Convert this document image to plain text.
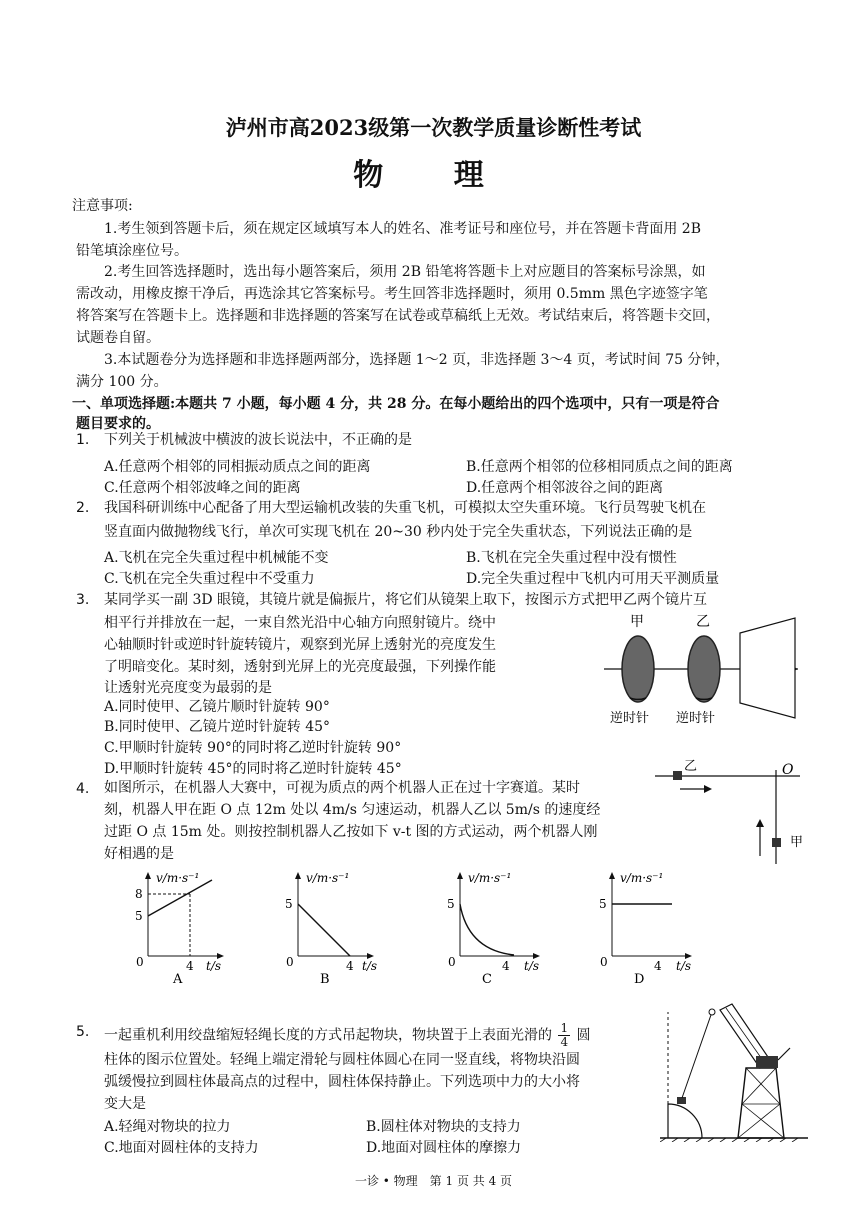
泸州市高2023级第一次教学质量诊断性考试
物 理
注意事项:
1.考生领到答题卡后，须在规定区域填写本人的姓名、准考证号和座位号，并在答题卡背面用 2B
铅笔填涂座位号。
2.考生回答选择题时，选出每小题答案后，须用 2B 铅笔将答题卡上对应题目的答案标号涂黑，如
需改动，用橡皮擦干净后，再选涂其它答案标号。考生回答非选择题时，须用 0.5mm 黑色字迹签字笔
将答案写在答题卡上。选择题和非选择题的答案写在试卷或草稿纸上无效。考试结束后，将答题卡交回，
试题卷自留。
3.本试题卷分为选择题和非选择题两部分，选择题 1～2 页，非选择题 3～4 页，考试时间 75 分钟，
满分 100 分。
一、单项选择题:本题共 7 小题，每小题 4 分，共 28 分。在每小题给出的四个选项中，只有一项是符合
题目要求的。
1. 下列关于机械波中横波的波长说法中，不正确的是
A.任意两个相邻的同相振动质点之间的距离	B.任意两个相邻的位移相同质点之间的距离
C.任意两个相邻波峰之间的距离	D.任意两个相邻波谷之间的距离
2. 我国科研训练中心配备了用大型运输机改装的失重飞机，可模拟太空失重环境。飞行员驾驶飞机在
竖直面内做抛物线飞行，单次可实现飞机在 20~30 秒内处于完全失重状态，下列说法正确的是
A.飞机在完全失重过程中机械能不变	B.飞机在完全失重过程中没有惯性
C.飞机在完全失重过程中不受重力	D.完全失重过程中飞机内可用天平测质量
3. 某同学买一副 3D 眼镜，其镜片就是偏振片，将它们从镜架上取下，按图示方式把甲乙两个镜片互
相平行并排放在一起，一束自然光沿中心轴方向照射镜片。绕中
心轴顺时针或逆时针旋转镜片，观察到光屏上透射光的亮度发生
了明暗变化。某时刻，透射到光屏上的光亮度最强，下列操作能
让透射光亮度变为最弱的是
A.同时使甲、乙镜片顺时针旋转 90°
B.同时使甲、乙镜片逆时针旋转 45°
C.甲顺时针旋转 90°的同时将乙逆时针旋转 90°
D.甲顺时针旋转 45°的同时将乙逆时针旋转 45°
甲	乙
逆时针 逆时针
4. 如图所示，在机器人大赛中，可视为质点的两个机器人正在过十字赛道。某时
刻，机器人甲在距 O 点 12m 处以 4m/s 匀速运动，机器人乙以 5m/s 的速度经
过距 O 点 15m 处。则按控制机器人乙按如下 v-t 图的方式运动，两个机器人刚
好相遇的是
乙	O
甲
v/m·s⁻¹
8
5
0	4 t/s
A
v/m·s⁻¹
5
0	4 t/s
B
v/m·s⁻¹
5
0	4 t/s
C
v/m·s⁻¹
5
0	4 t/s
D
5. 一起重机利用绞盘缩短轻绳长度的方式吊起物块，物块置于上表面光滑的 $\frac{1}{4}$ 圆
柱体的图示位置处。轻绳上端定滑轮与圆柱体圆心在同一竖直线，将物块沿圆
弧缓慢拉到圆柱体最高点的过程中，圆柱体保持静止。下列选项中力的大小将
变大是
A.轻绳对物块的拉力	B.圆柱体对物块的支持力
C.地面对圆柱体的支持力	D.地面对圆柱体的摩擦力
一诊 • 物理　第 1 页 共 4 页
